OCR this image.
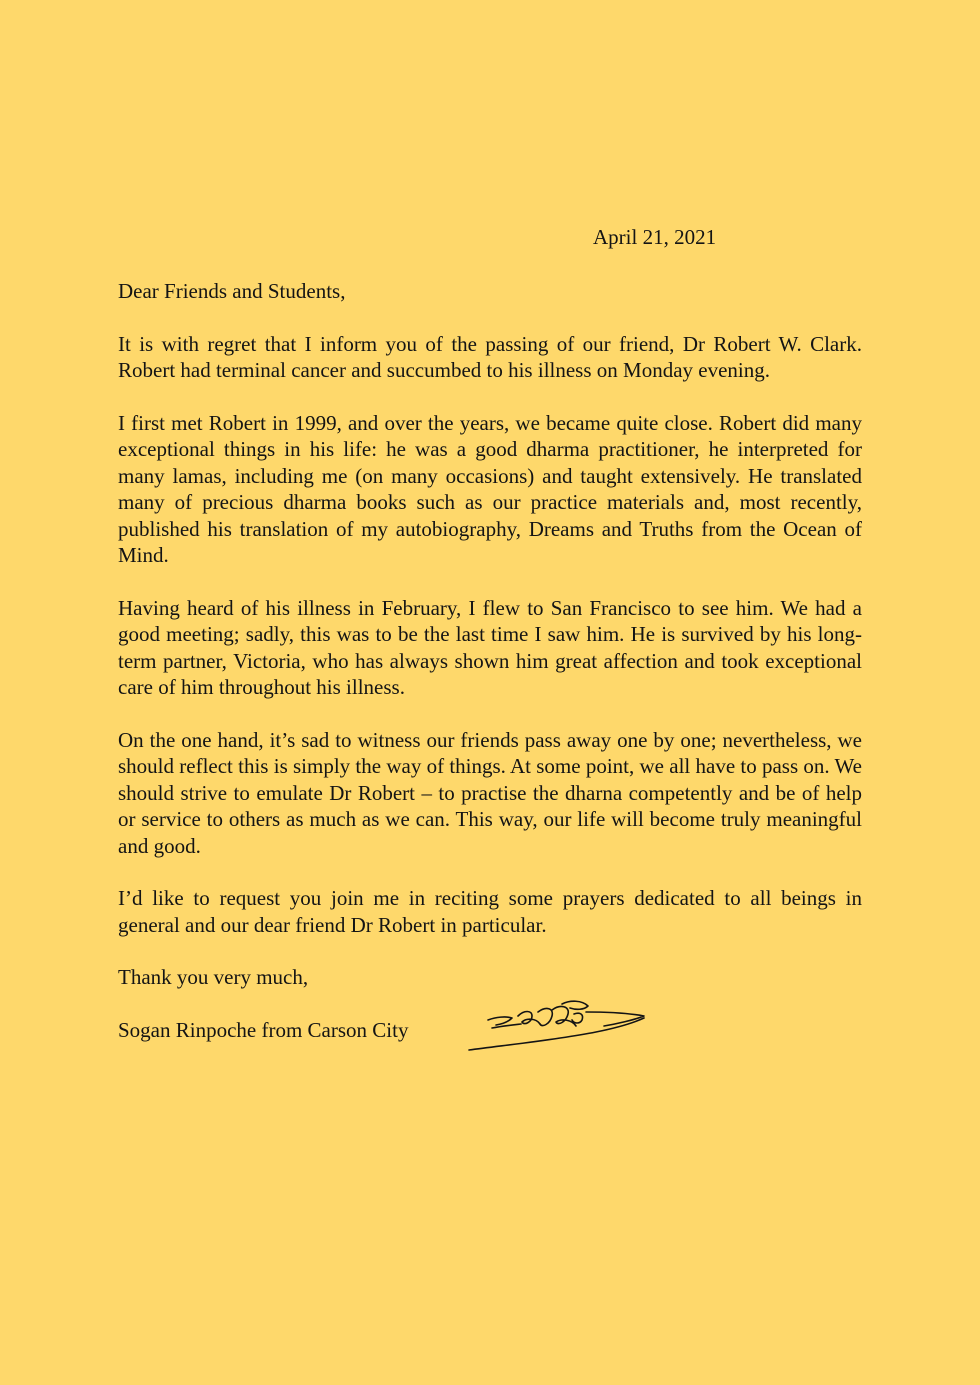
April 21, 2021

Dear Friends and Students,

It is with regret that I inform you of the passing of our friend, Dr Robert W. Clark. Robert had terminal cancer and succumbed to his illness on Monday evening.

I first met Robert in 1999, and over the years, we became quite close. Robert did many exceptional things in his life: he was a good dharma practitioner, he interpreted for many lamas, including me (on many occasions) and taught extensively. He translated many of precious dharma books such as our practice materials and, most recently, published his translation of my autobiography, Dreams and Truths from the Ocean of Mind.

Having heard of his illness in February, I flew to San Francisco to see him. We had a good meeting; sadly, this was to be the last time I saw him. He is survived by his long-term partner, Victoria, who has always shown him great affection and took exceptional care of him throughout his illness.

On the one hand, it’s sad to witness our friends pass away one by one; nevertheless, we should reflect this is simply the way of things. At some point, we all have to pass on. We should strive to emulate Dr Robert – to practise the dharna competently and be of help or service to others as much as we can. This way, our life will become truly meaningful and good.

I’d like to request you join me in reciting some prayers dedicated to all beings in general and our dear friend Dr Robert in particular.

Thank you very much,

Sogan Rinpoche from Carson City
